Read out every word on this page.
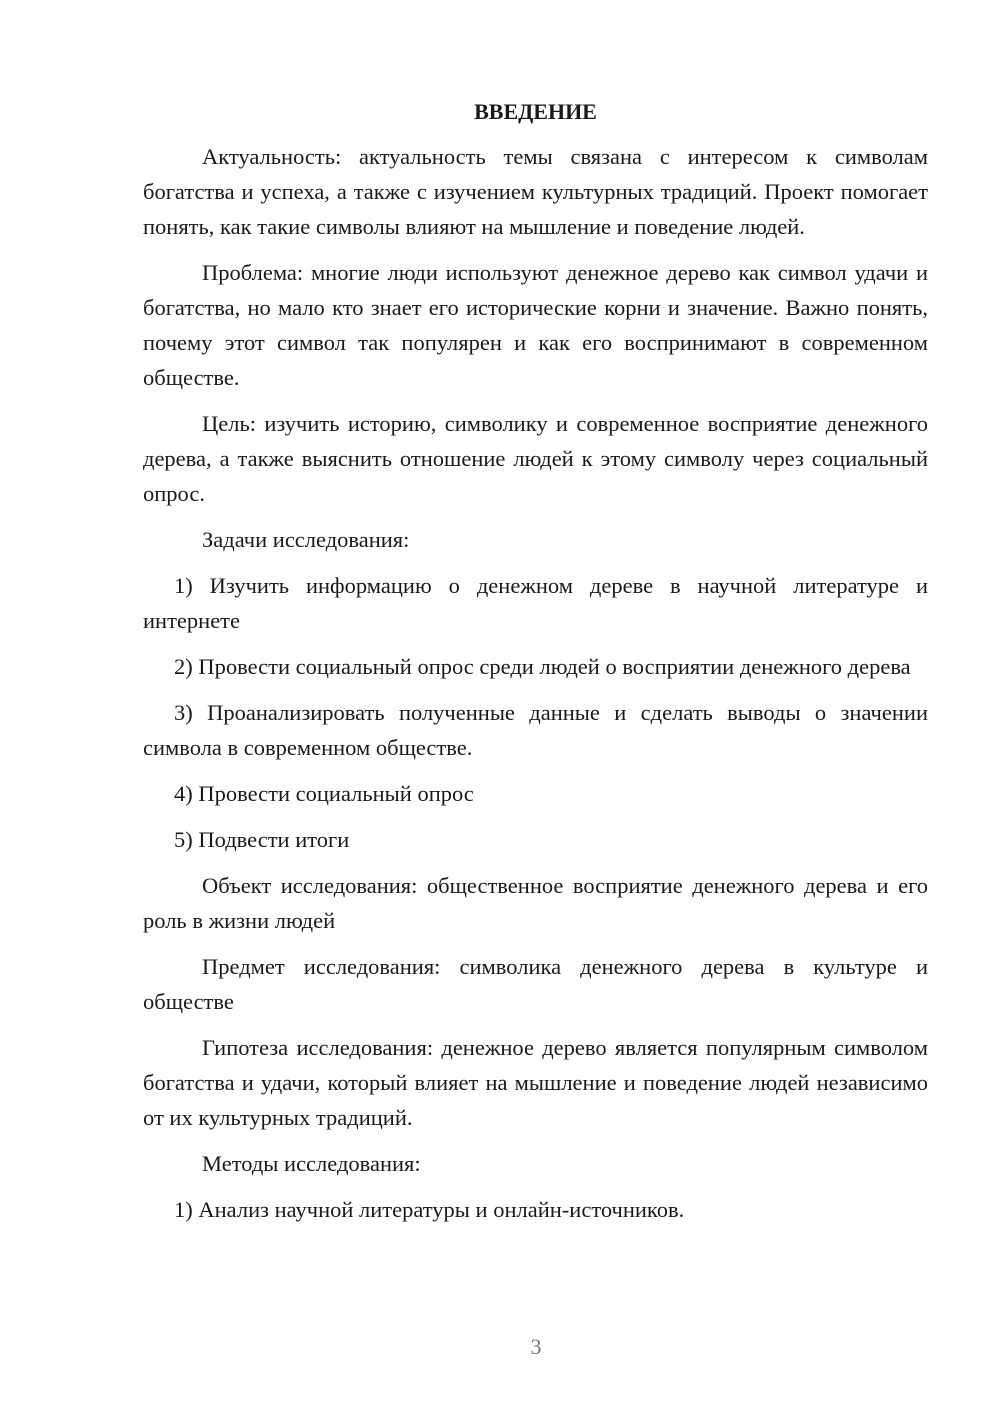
ВВЕДЕНИЕ

Актуальность: актуальность темы связана с интересом к символам богатства и успеха, а также с изучением культурных традиций. Проект помогает понять, как такие символы влияют на мышление и поведение людей.

Проблема: многие люди используют денежное дерево как символ удачи и богатства, но мало кто знает его исторические корни и значение. Важно понять, почему этот символ так популярен и как его воспринимают в современном обществе.

Цель: изучить историю, символику и современное восприятие денежного дерева, а также выяснить отношение людей к этому символу через социальный опрос.

Задачи исследования:

1) Изучить информацию о денежном дереве в научной литературе и интернете

2) Провести социальный опрос среди людей о восприятии денежного дерева

3) Проанализировать полученные данные и сделать выводы о значении символа в современном обществе.

4) Провести социальный опрос

5) Подвести итоги

Объект исследования: общественное восприятие денежного дерева и его роль в жизни людей

Предмет исследования: символика денежного дерева в культуре и обществе

Гипотеза исследования: денежное дерево является популярным символом богатства и удачи, который влияет на мышление и поведение людей независимо от их культурных традиций.

Методы исследования:

1) Анализ научной литературы и онлайн-источников.

3
